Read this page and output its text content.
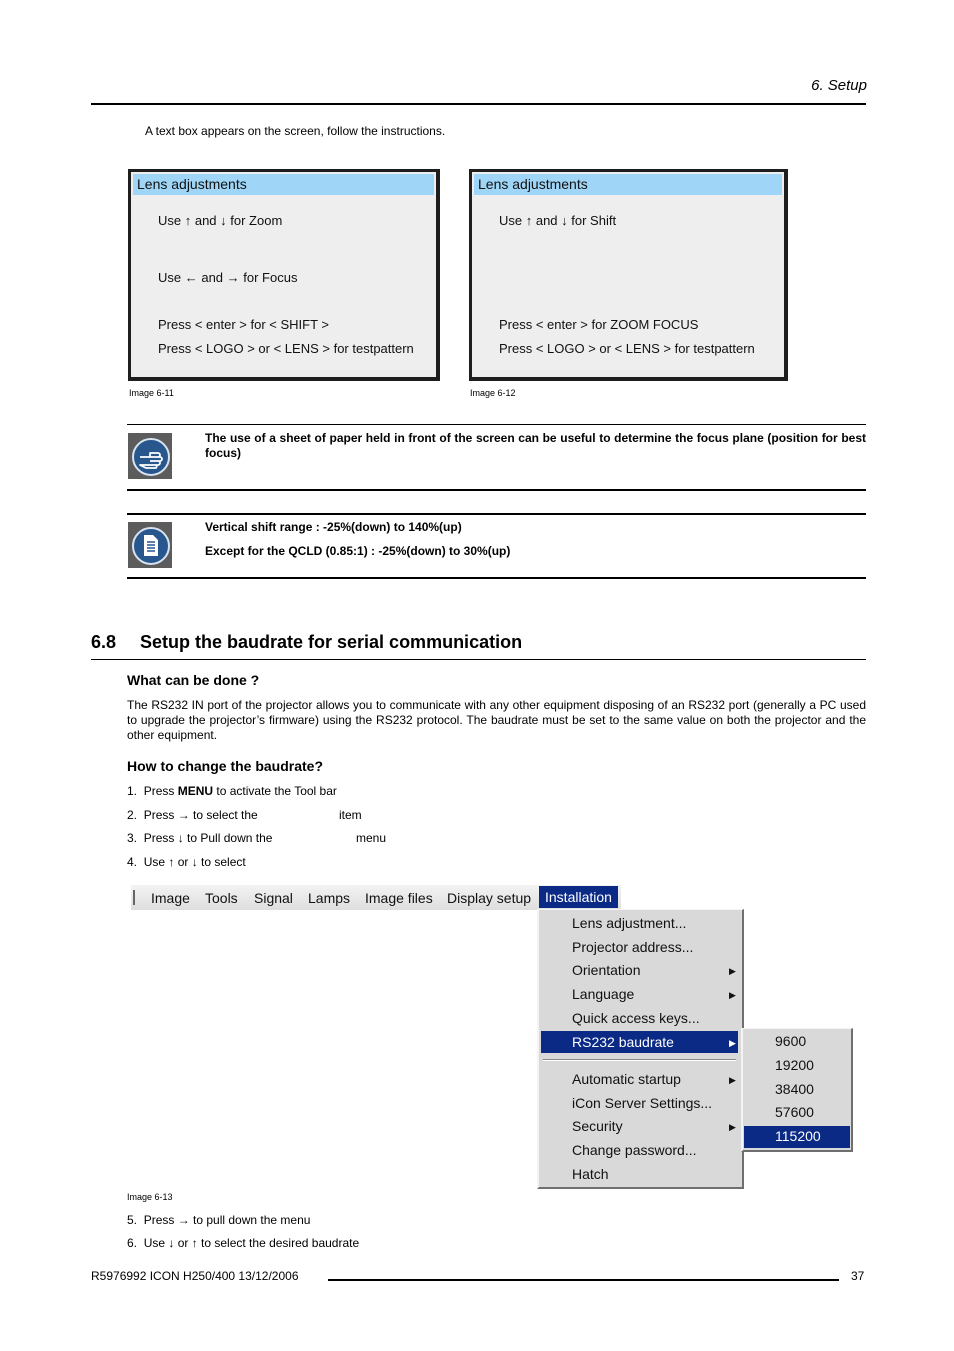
6. Setup
A text box appears on the screen, follow the instructions.
Lens adjustments
Use ↑ and ↓ for Zoom
Use ← and → for Focus
Press < enter > for < SHIFT >
Press < LOGO > or < LENS > for testpattern
Image 6-11
Lens adjustments
Use ↑ and ↓ for Shift
Press < enter > for ZOOM FOCUS
Press < LOGO > or < LENS > for testpattern
Image 6-12
The use of a sheet of paper held in front of the screen can be useful to determine the focus plane (position for best focus)
Vertical shift range : -25%(down) to 140%(up)
Except for the QCLD (0.85:1) : -25%(down) to 30%(up)
6.8 Setup the baudrate for serial communication
What can be done ?
The RS232 IN port of the projector allows you to communicate with any other equipment disposing of an RS232 port (generally a PC used to upgrade the projector’s firmware) using the RS232 protocol. The baudrate must be set to the same value on both the projector and the other equipment.
How to change the baudrate?
1. Press MENU to activate the Tool bar
2. Press → to select the	item
3. Press ↓ to Pull down the	menu
4. Use ↑ or ↓ to select
Image Tools Signal Lamps Image files Display setup Installation
Lens adjustment...
Projector address...
Orientation	▶
Language	▶
Quick access keys...
RS232 baudrate	▶
Automatic startup	▶
iCon Server Settings...
Security	▶
Change password...
Hatch
9600
19200
38400
57600
115200
Image 6-13
5. Press → to pull down the menu
6. Use ↓ or ↑ to select the desired baudrate
R5976992 ICON H250/400 13/12/2006	37
